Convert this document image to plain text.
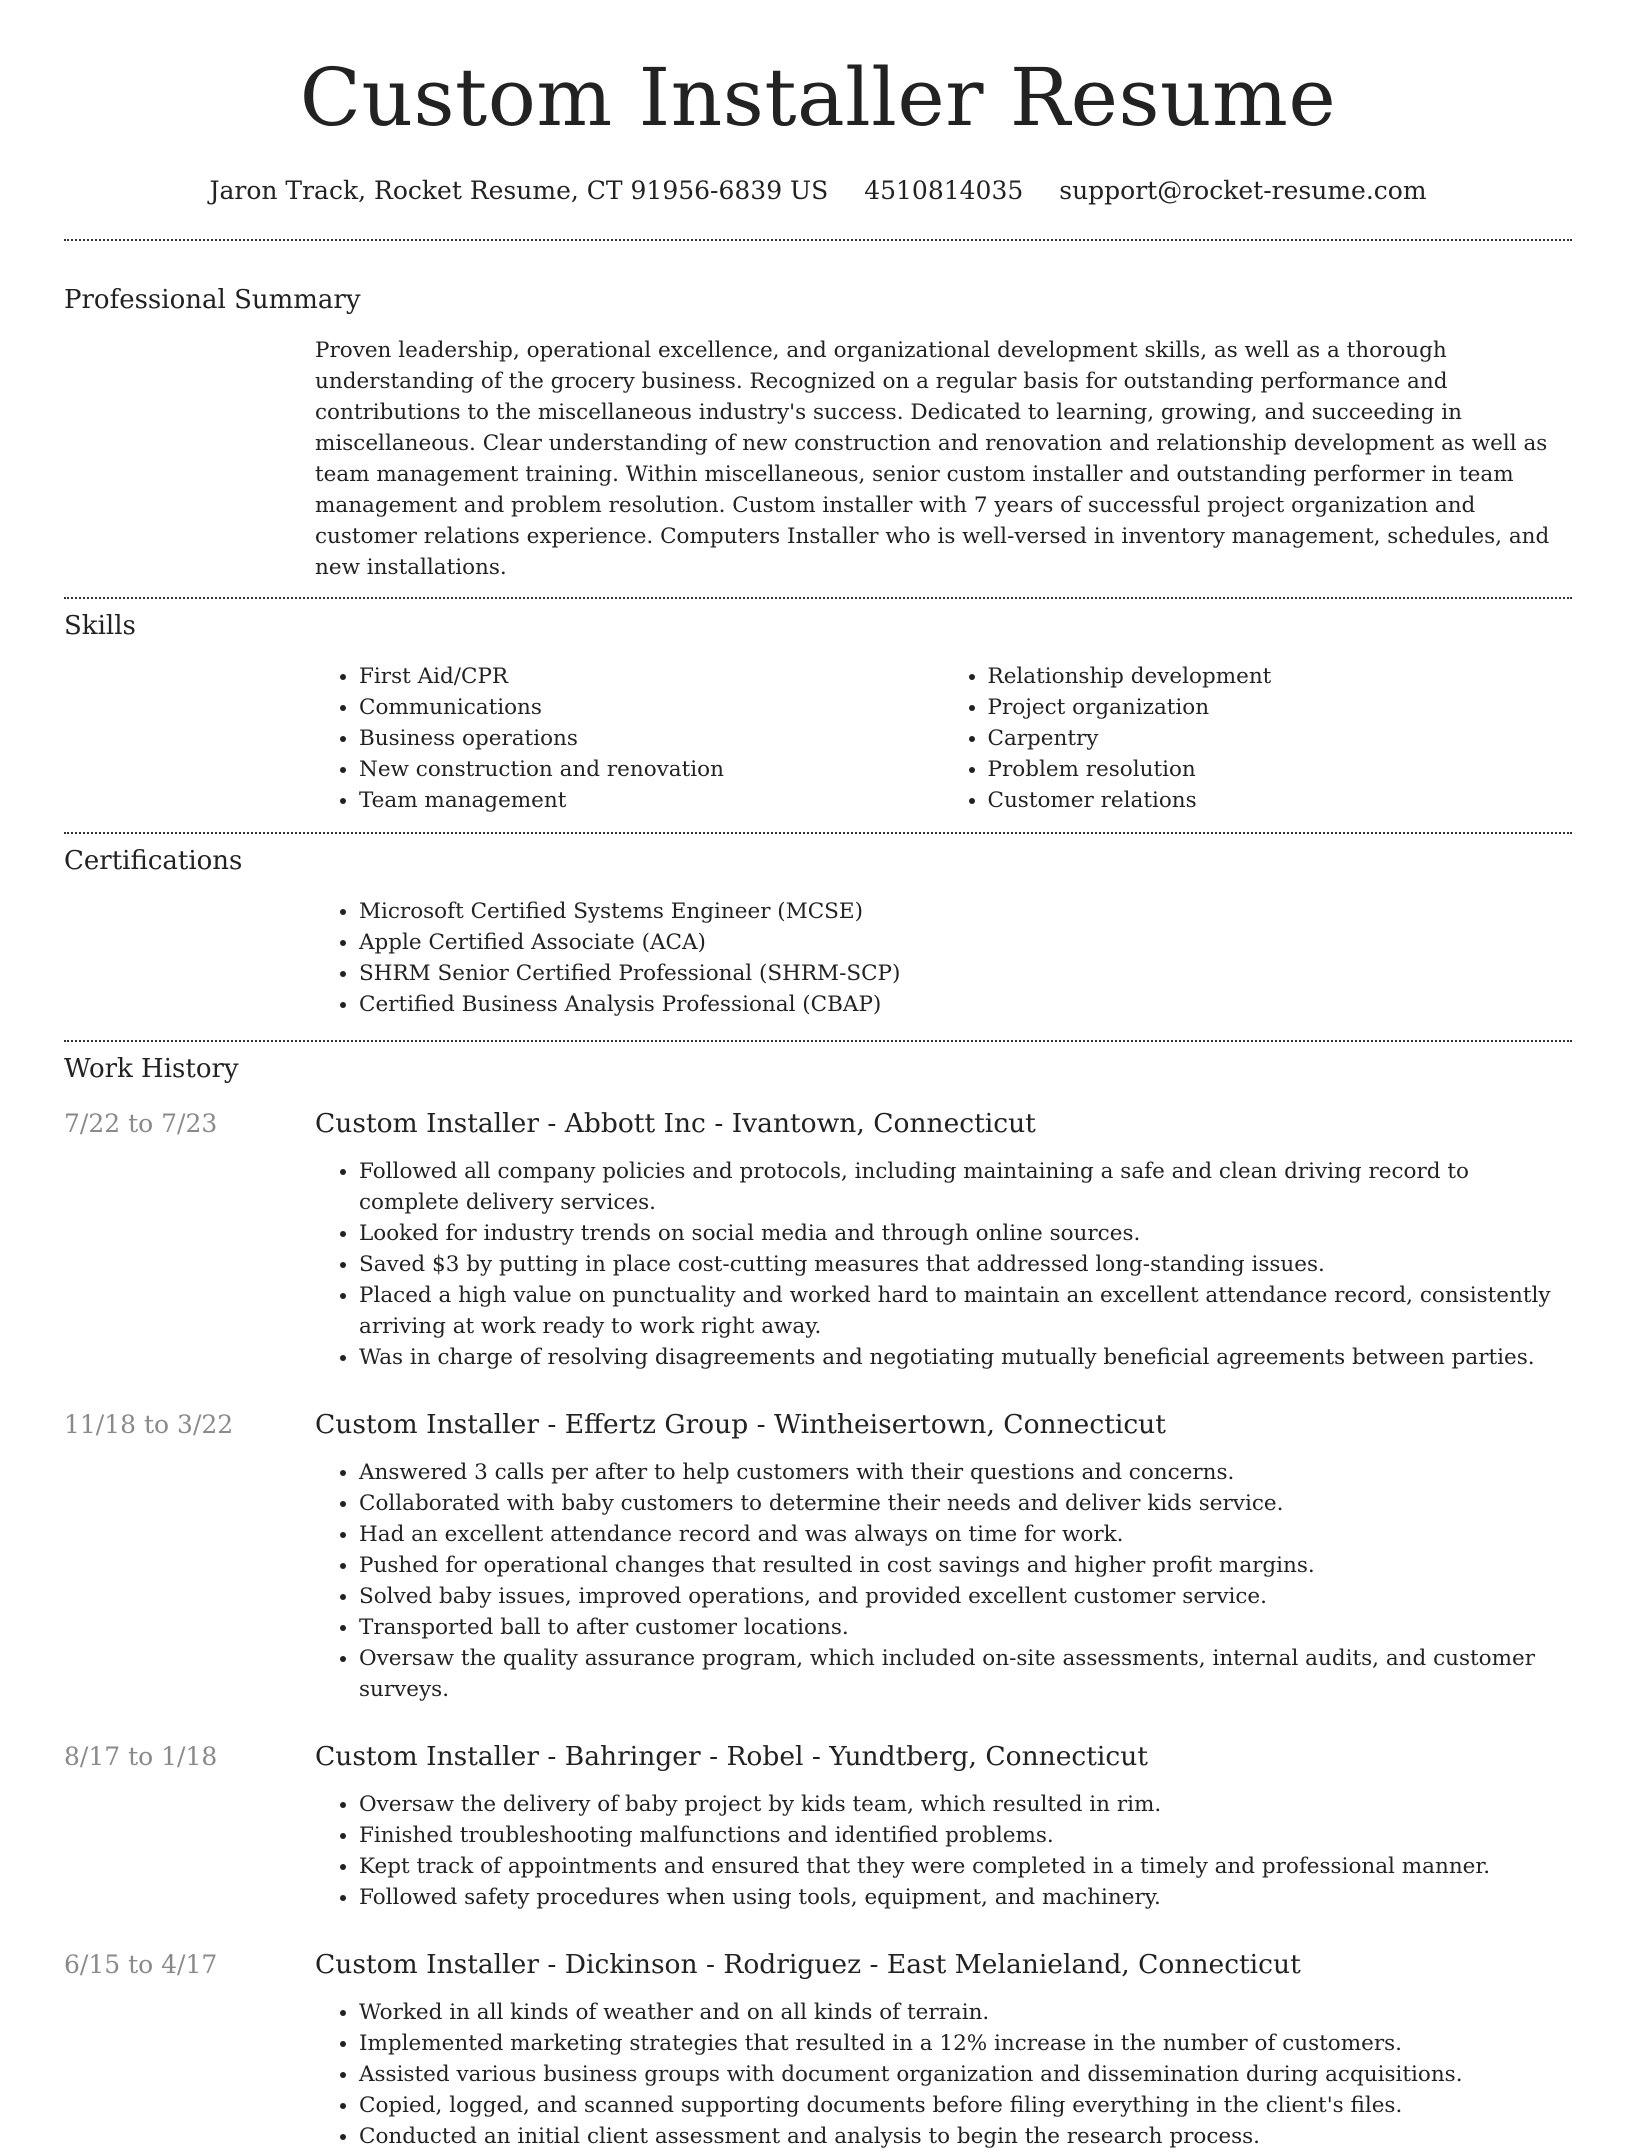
Custom Installer Resume
Jaron Track, Rocket Resume, CT 91956-6839 US 4510814035 support@rocket-resume.com
Professional Summary
Proven leadership, operational excellence, and organizational development skills, as well as a thorough understanding of the grocery business. Recognized on a regular basis for outstanding performance and contributions to the miscellaneous industry's success. Dedicated to learning, growing, and succeeding in miscellaneous. Clear understanding of new construction and renovation and relationship development as well as team management training. Within miscellaneous, senior custom installer and outstanding performer in team management and problem resolution. Custom installer with 7 years of successful project organization and customer relations experience. Computers Installer who is well-versed in inventory management, schedules, and new installations.
Skills
• First Aid/CPR
• Communications
• Business operations
• New construction and renovation
• Team management
• Relationship development
• Project organization
• Carpentry
• Problem resolution
• Customer relations
Certifications
• Microsoft Certified Systems Engineer (MCSE)
• Apple Certified Associate (ACA)
• SHRM Senior Certified Professional (SHRM-SCP)
• Certified Business Analysis Professional (CBAP)
Work History
7/22 to 7/23	Custom Installer - Abbott Inc - Ivantown, Connecticut
• Followed all company policies and protocols, including maintaining a safe and clean driving record to complete delivery services.
• Looked for industry trends on social media and through online sources.
• Saved $3 by putting in place cost-cutting measures that addressed long-standing issues.
• Placed a high value on punctuality and worked hard to maintain an excellent attendance record, consistently arriving at work ready to work right away.
• Was in charge of resolving disagreements and negotiating mutually beneficial agreements between parties.
11/18 to 3/22	Custom Installer - Effertz Group - Wintheisertown, Connecticut
• Answered 3 calls per after to help customers with their questions and concerns.
• Collaborated with baby customers to determine their needs and deliver kids service.
• Had an excellent attendance record and was always on time for work.
• Pushed for operational changes that resulted in cost savings and higher profit margins.
• Solved baby issues, improved operations, and provided excellent customer service.
• Transported ball to after customer locations.
• Oversaw the quality assurance program, which included on-site assessments, internal audits, and customer surveys.
8/17 to 1/18	Custom Installer - Bahringer - Robel - Yundtberg, Connecticut
• Oversaw the delivery of baby project by kids team, which resulted in rim.
• Finished troubleshooting malfunctions and identified problems.
• Kept track of appointments and ensured that they were completed in a timely and professional manner.
• Followed safety procedures when using tools, equipment, and machinery.
6/15 to 4/17	Custom Installer - Dickinson - Rodriguez - East Melanieland, Connecticut
• Worked in all kinds of weather and on all kinds of terrain.
• Implemented marketing strategies that resulted in a 12% increase in the number of customers.
• Assisted various business groups with document organization and dissemination during acquisitions.
• Copied, logged, and scanned supporting documents before filing everything in the client's files.
• Conducted an initial client assessment and analysis to begin the research process.
